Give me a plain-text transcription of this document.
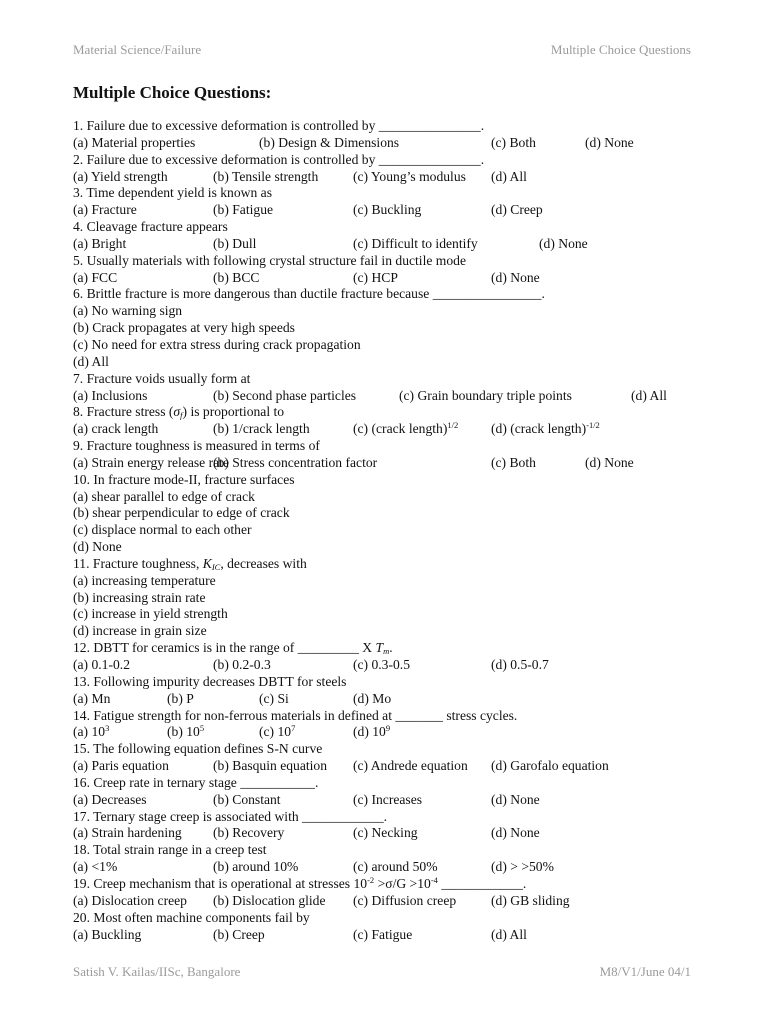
Material Science/Failure	Multiple Choice Questions
Multiple Choice Questions:
1. Failure due to excessive deformation is controlled by _______________.
(a) Material properties	(b) Design & Dimensions	(c) Both	(d) None
2. Failure due to excessive deformation is controlled by _______________.
(a) Yield strength	(b) Tensile strength	(c) Young’s modulus (d) All
3. Time dependent yield is known as
(a) Fracture	(b) Fatigue	(c) Buckling	(d) Creep
4. Cleavage fracture appears
(a) Bright	(b) Dull	(c) Difficult to identify	(d) None
5. Usually materials with following crystal structure fail in ductile mode
(a) FCC	(b) BCC	(c) HCP	(d) None
6. Brittle fracture is more dangerous than ductile fracture because ________________.
(a) No warning sign
(b) Crack propagates at very high speeds
(c) No need for extra stress during crack propagation
(d) All
7. Fracture voids usually form at
(a) Inclusions	(b) Second phase particles	(c) Grain boundary triple points	(d) All
8. Fracture stress $(\sigma_f)$ is proportional to
(a) crack length	(b) 1/crack length	(c) (crack length)$^{1/2}$ (d) (crack length)$^{-1/2}$
9. Fracture toughness is measured in terms of
(a) Strain energy release rate
(b) Stress concentration factor	(c) Both	(d) None
10. In fracture mode-II, fracture surfaces
(a) shear parallel to edge of crack
(b) shear perpendicular to edge of crack
(c) displace normal to each other
(d) None
11. Fracture toughness, $K_{IC}$, decreases with
(a) increasing temperature
(b) increasing strain rate
(c) increase in yield strength
(d) increase in grain size
12. DBTT for ceramics is in the range of _________ X $T_m$.
(a) 0.1-0.2	(b) 0.2-0.3	(c) 0.3-0.5	(d) 0.5-0.7
13. Following impurity decreases DBTT for steels
(a) Mn	(b) P	(c) Si	(d) Mo
14. Fatigue strength for non-ferrous materials in defined at _______ stress cycles.
(a) $10^3$	(b) $10^5$	(c) $10^7$	(d) $10^9$
15. The following equation defines S-N curve
(a) Paris equation	(b) Basquin equation (c) Andrede equation (d) Garofalo equation
16. Creep rate in ternary stage ___________.
(a) Decreases	(b) Constant	(c) Increases	(d) None
17. Ternary stage creep is associated with ____________.
(a) Strain hardening (b) Recovery	(c) Necking	(d) None
18. Total strain range in a creep test
(a) <1%	(b) around 10%	(c) around 50%	(d) > >50%
19. Creep mechanism that is operational at stresses $10^{-2} >\sigma/G >10^{-4}$ ____________.
(a) Dislocation creep (b) Dislocation glide (c) Diffusion creep	(d) GB sliding
20. Most often machine components fail by
(a) Buckling	(b) Creep	(c) Fatigue	(d) All
Satish V. Kailas/IISc, Bangalore	M8/V1/June 04/1
